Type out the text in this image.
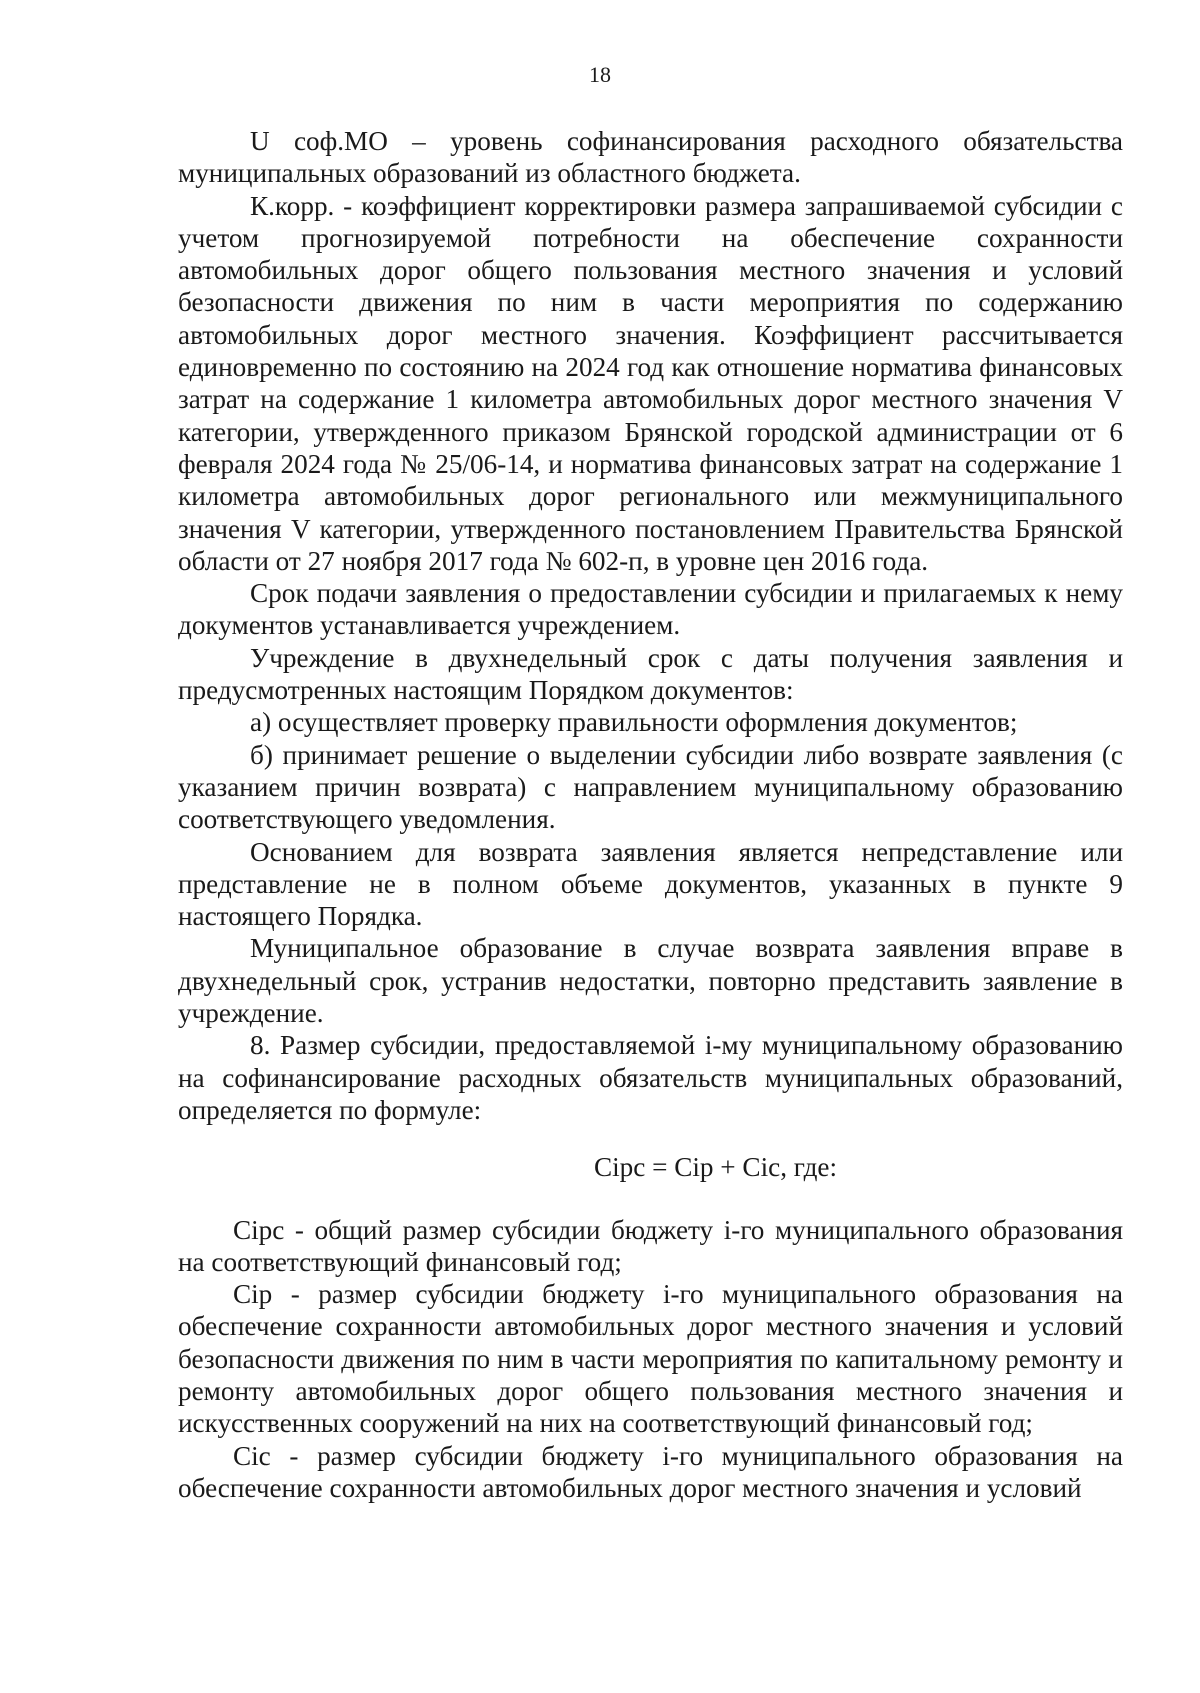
18

U соф.МО – уровень софинансирования расходного обязательства муниципальных образований из областного бюджета.

К.корр. - коэффициент корректировки размера запрашиваемой субсидии с учетом прогнозируемой потребности на обеспечение сохранности автомобильных дорог общего пользования местного значения и условий безопасности движения по ним в части мероприятия по содержанию автомобильных дорог местного значения. Коэффициент рассчитывается единовременно по состоянию на 2024 год как отношение норматива финансовых затрат на содержание 1 километра автомобильных дорог местного значения V категории, утвержденного приказом Брянской городской администрации от 6 февраля 2024 года № 25/06-14, и норматива финансовых затрат на содержание 1 километра автомобильных дорог регионального или межмуниципального значения V категории, утвержденного постановлением Правительства Брянской области от 27 ноября 2017 года № 602-п, в уровне цен 2016 года.

Срок подачи заявления о предоставлении субсидии и прилагаемых к нему документов устанавливается учреждением.

Учреждение в двухнедельный срок с даты получения заявления и предусмотренных настоящим Порядком документов:

а) осуществляет проверку правильности оформления документов;

б) принимает решение о выделении субсидии либо возврате заявления (с указанием причин возврата) с направлением муниципальному образованию соответствующего уведомления.

Основанием для возврата заявления является непредставление или представление не в полном объеме документов, указанных в пункте 9 настоящего Порядка.

Муниципальное образование в случае возврата заявления вправе в двухнедельный срок, устранив недостатки, повторно представить заявление в учреждение.

8. Размер субсидии, предоставляемой i-му муниципальному образованию на софинансирование расходных обязательств муниципальных образований, определяется по формуле:

Сipc = Сip + Сic, где:

Сipc - общий размер субсидии бюджету i-го муниципального образования на соответствующий финансовый год;

Сip - размер субсидии бюджету i-го муниципального образования на обеспечение сохранности автомобильных дорог местного значения и условий безопасности движения по ним в части мероприятия по капитальному ремонту и ремонту автомобильных дорог общего пользования местного значения и искусственных сооружений на них на соответствующий финансовый год;

Сic - размер субсидии бюджету i-го муниципального образования на обеспечение сохранности автомобильных дорог местного значения и условий
